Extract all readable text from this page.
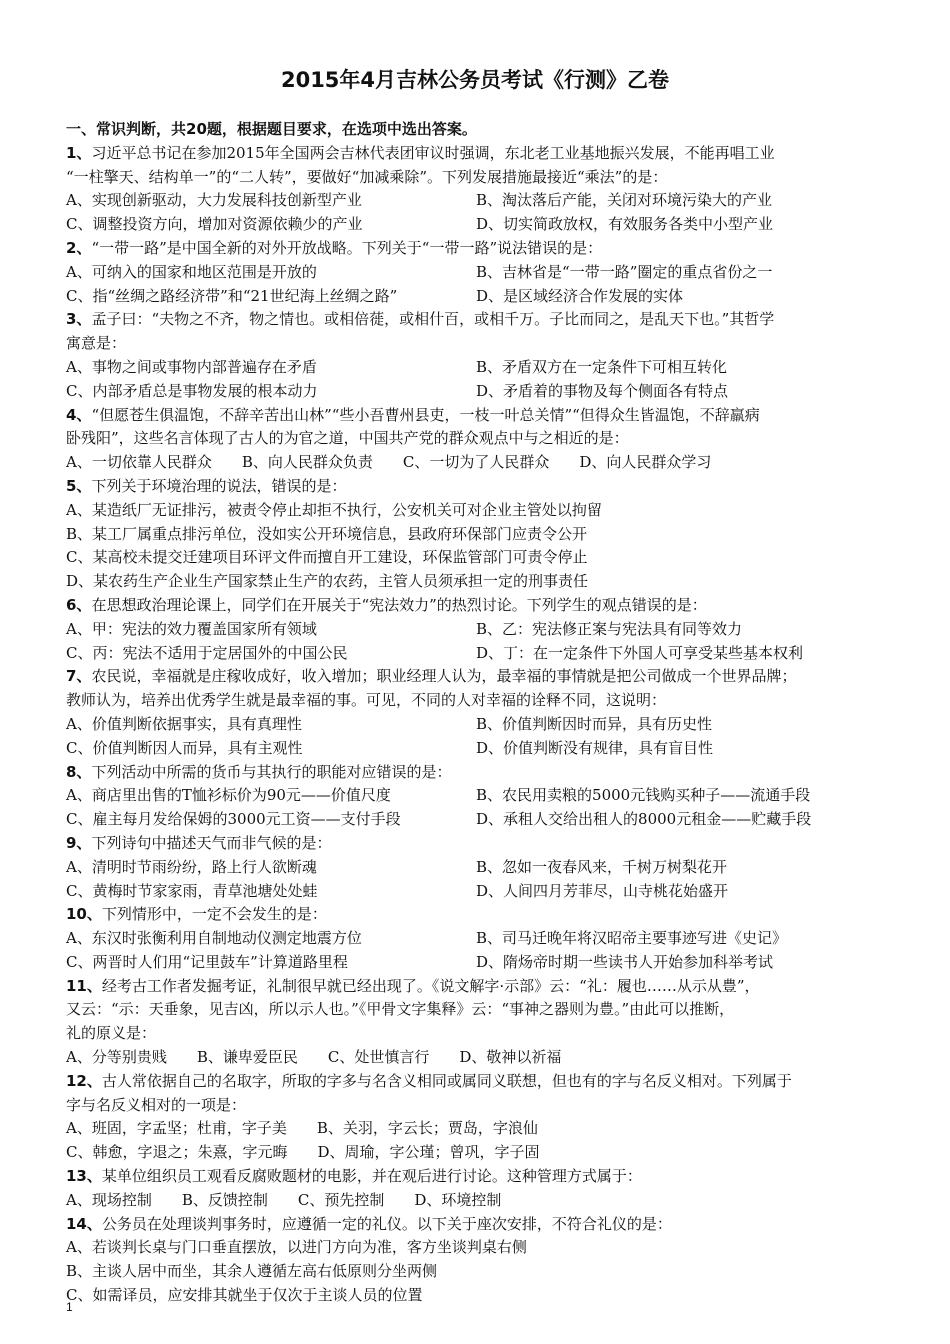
2015年4月吉林公务员考试《行测》乙卷
一、常识判断，共20题，根据题目要求，在选项中选出答案。
1、习近平总书记在参加2015年全国两会吉林代表团审议时强调，东北老工业基地振兴发展，不能再唱工业
“一柱擎天、结构单一”的“二人转”，要做好“加减乘除”。下列发展措施最接近“乘法”的是：
A、实现创新驱动，大力发展科技创新型产业	B、淘汰落后产能，关闭对环境污染大的产业
C、调整投资方向，增加对资源依赖少的产业	D、切实简政放权，有效服务各类中小型产业
2、“一带一路”是中国全新的对外开放战略。下列关于“一带一路”说法错误的是：
A、可纳入的国家和地区范围是开放的	B、吉林省是“一带一路”圈定的重点省份之一
C、指“丝绸之路经济带”和“21世纪海上丝绸之路”	D、是区域经济合作发展的实体
3、孟子曰：“夫物之不齐，物之情也。或相倍蓰，或相什百，或相千万。子比而同之，是乱天下也。”其哲学
寓意是：
A、事物之间或事物内部普遍存在矛盾	B、矛盾双方在一定条件下可相互转化
C、内部矛盾总是事物发展的根本动力	D、矛盾着的事物及每个侧面各有特点
4、“但愿苍生俱温饱，不辞辛苦出山林”“些小吾曹州县吏，一枝一叶总关情”“但得众生皆温饱，不辞羸病
卧残阳”，这些名言体现了古人的为官之道，中国共产党的群众观点中与之相近的是：
A、一切依靠人民群众 B、向人民群众负责 C、一切为了人民群众 D、向人民群众学习
5、下列关于环境治理的说法，错误的是：
A、某造纸厂无证排污，被责令停止却拒不执行，公安机关可对企业主管处以拘留
B、某工厂属重点排污单位，没如实公开环境信息，县政府环保部门应责令公开
C、某高校未提交迁建项目环评文件而擅自开工建设，环保监管部门可责令停止
D、某农药生产企业生产国家禁止生产的农药，主管人员须承担一定的刑事责任
6、在思想政治理论课上，同学们在开展关于“宪法效力”的热烈讨论。下列学生的观点错误的是：
A、甲：宪法的效力覆盖国家所有领域	B、乙：宪法修正案与宪法具有同等效力
C、丙：宪法不适用于定居国外的中国公民	D、丁：在一定条件下外国人可享受某些基本权利
7、农民说，幸福就是庄稼收成好，收入增加；职业经理人认为，最幸福的事情就是把公司做成一个世界品牌；
教师认为，培养出优秀学生就是最幸福的事。可见，不同的人对幸福的诠释不同，这说明：
A、价值判断依据事实，具有真理性	B、价值判断因时而异，具有历史性
C、价值判断因人而异，具有主观性	D、价值判断没有规律，具有盲目性
8、下列活动中所需的货币与其执行的职能对应错误的是：
A、商店里出售的T恤衫标价为90元——价值尺度	B、农民用卖粮的5000元钱购买种子——流通手段
C、雇主每月发给保姆的3000元工资——支付手段	D、承租人交给出租人的8000元租金——贮藏手段
9、下列诗句中描述天气而非气候的是：
A、清明时节雨纷纷，路上行人欲断魂	B、忽如一夜春风来，千树万树梨花开
C、黄梅时节家家雨，青草池塘处处蛙	D、人间四月芳菲尽，山寺桃花始盛开
10、下列情形中，一定不会发生的是：
A、东汉时张衡利用自制地动仪测定地震方位	B、司马迁晚年将汉昭帝主要事迹写进《史记》
C、两晋时人们用“记里鼓车”计算道路里程	D、隋炀帝时期一些读书人开始参加科举考试
11、经考古工作者发掘考证，礼制很早就已经出现了。《说文解字·示部》云：“礼：履也……从示从豊”，
又云：“示：天垂象，见吉凶，所以示人也。”《甲骨文字集释》云：“事神之器则为豊。”由此可以推断，
礼的原义是：
A、分等别贵贱 B、谦卑爱臣民 C、处世慎言行 D、敬神以祈福
12、古人常依据自己的名取字，所取的字多与名含义相同或属同义联想，但也有的字与名反义相对。下列属于
字与名反义相对的一项是：
A、班固，字孟坚；杜甫，字子美 B、关羽，字云长；贾岛，字浪仙
C、韩愈，字退之；朱熹，字元晦 D、周瑜，字公瑾；曾巩，字子固
13、某单位组织员工观看反腐败题材的电影，并在观后进行讨论。这种管理方式属于：
A、现场控制 B、反馈控制 C、预先控制 D、环境控制
14、公务员在处理谈判事务时，应遵循一定的礼仪。以下关于座次安排，不符合礼仪的是：
A、若谈判长桌与门口垂直摆放，以进门方向为准，客方坐谈判桌右侧
B、主谈人居中而坐，其余人遵循左高右低原则分坐两侧
C、如需译员，应安排其就坐于仅次于主谈人员的位置
1
